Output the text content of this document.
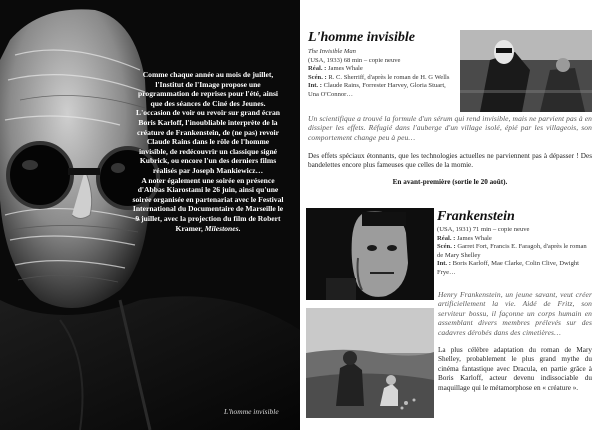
Comme chaque année au mois de juillet, l'Institut de l'Image propose une programmation de reprises pour l'été, ainsi que des séances de Ciné des Jeunes.

L'occasion de voir ou revoir sur grand écran Boris Karloff, l'inoubliable interprète de la créature de Frankenstein, de (ne pas) revoir Claude Rains dans le rôle de l'homme invisible, de redécouvrir un classique signé Kubrick, ou encore l'un des derniers films réalisés par Joseph Mankiewicz…

A noter également une soirée en présence d'Abbas Kiarostami le 26 juin, ainsi qu'une soirée organisée en partenariat avec le Festival International du Documentaire de Marseille le 9 juillet, avec la projection du film de Robert Kramer, Milestones.

L'homme invisible
L'homme invisible
The Invisible Man
(USA, 1933) 68 min – copie neuve
Réal. : James Whale
Scén. : R. C. Sherriff, d'après le roman de H. G Wells
Int. : Claude Rains, Forrester Harvey, Gloria Stuart, Una O'Connor…
Un scientifique a trouvé la formule d'un sérum qui rend invisible, mais ne parvient pas à en dissiper les effets. Réfugié dans l'auberge d'un village isolé, épié par les villageois, son comportement change peu à peu…
Des effets spéciaux étonnants, que les technologies actuelles ne parviennent pas à dépasser ! Des bandelettes encore plus fameuses que celles de la momie.
En avant-première (sortie le 20 août).
Frankenstein
(USA, 1931) 71 min – copie neuve
Réal. : James Whale
Scén. : Garret Fort, Francis E. Faragoh, d'après le roman de Mary Shelley
Int. : Boris Karloff, Mae Clarke, Colin Clive, Dwight Frye…
Henry Frankenstein, un jeune savant, veut créer artificiellement la vie. Aidé de Fritz, son serviteur bossu, il façonne un corps humain en assemblant divers membres prélevés sur des cadavres dérobés dans des cimetières…
La plus célèbre adaptation du roman de Mary Shelley, probablement le plus grand mythe du cinéma fantastique avec Dracula, en partie grâce à Boris Karloff, acteur devenu indissociable du maquillage qui le métamorphose en « créature ».
